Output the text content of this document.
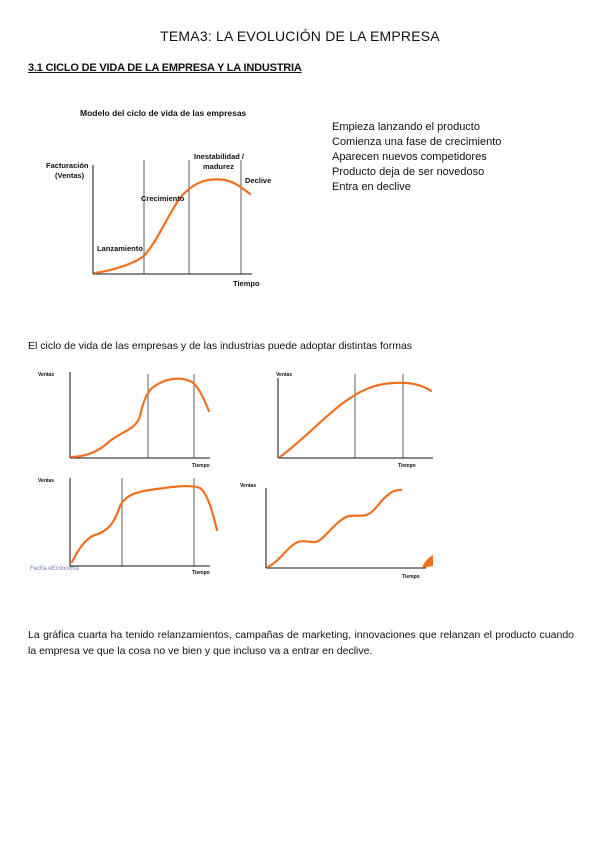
TEMA3: LA EVOLUCIÓN DE LA EMPRESA
3.1 CICLO DE VIDA DE LA EMPRESA Y LA INDUSTRIA
Modelo del ciclo de vida de las empresas
Facturación
(Ventas)
Lanzamiento
Crecimiento
Inestabilidad /
madurez
Declive
Tiempo
Empieza lanzando el producto
Comienza una fase de crecimiento
Aparecen nuevos competidores
Producto deja de ser novedoso
Entra en declive
El ciclo de vida de las empresas y de las industrias puede adoptar distintas formas
Ventas
Tiempo
Ventas
Tiempo
Ventas
Tiempo
Ventas
Tiempo
Fecha eEconomía
La gráfica cuarta ha tenido relanzamientos, campañas de marketing, innovaciones que relanzan el producto cuando la empresa ve que la cosa no ve bien y que incluso va a entrar en declive.
